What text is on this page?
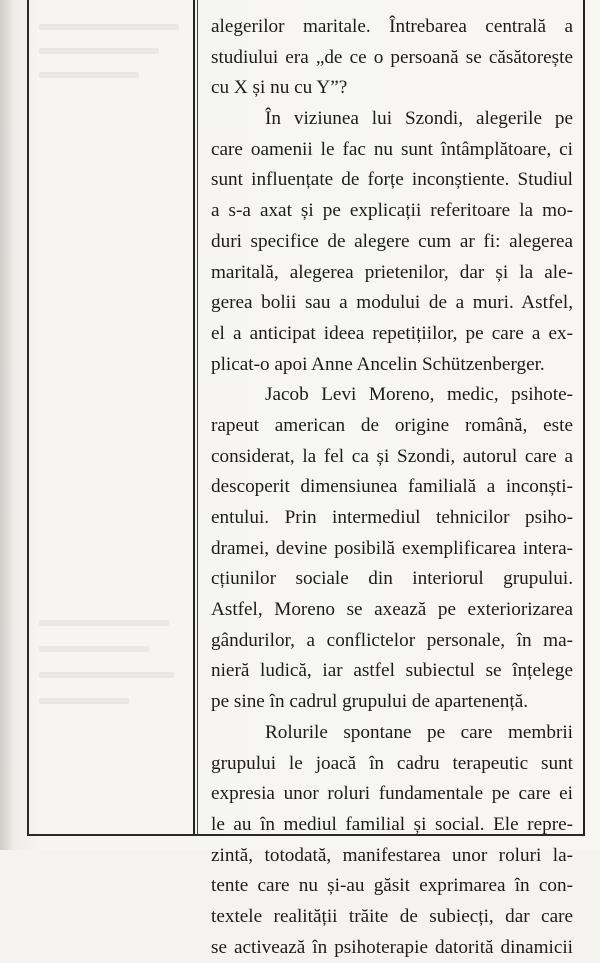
alegerilor maritale. Întrebarea centrală a
studiului era „de ce o persoană se căsătorește
cu X și nu cu Y”?
În viziunea lui Szondi, alegerile pe
care oamenii le fac nu sunt întâmplătoare, ci
sunt influențate de forțe inconștiente. Studiul
a s-a axat și pe explicații referitoare la mo-
duri specifice de alegere cum ar fi: alegerea
maritală, alegerea prietenilor, dar și la ale-
gerea bolii sau a modului de a muri. Astfel,
el a anticipat ideea repetițiilor, pe care a ex-
plicat-o apoi Anne Ancelin Schützenberger.
Jacob Levi Moreno, medic, psihote-
rapeut american de origine română, este
considerat, la fel ca și Szondi, autorul care a
descoperit dimensiunea familială a inconști-
entului. Prin intermediul tehnicilor psiho-
dramei, devine posibilă exemplificarea intera-
cțiunilor sociale din interiorul grupului.
Astfel, Moreno se axează pe exteriorizarea
gândurilor, a conflictelor personale, în ma-
nieră ludică, iar astfel subiectul se înțelege
pe sine în cadrul grupului de apartenență.
Rolurile spontane pe care membrii
grupului le joacă în cadru terapeutic sunt
expresia unor roluri fundamentale pe care ei
le au în mediul familial și social. Ele repre-
zintă, totodată, manifestarea unor roluri la-
tente care nu și-au găsit exprimarea în con-
textele realității trăite de subiecți, dar care
se activează în psihoterapie datorită dinamicii
